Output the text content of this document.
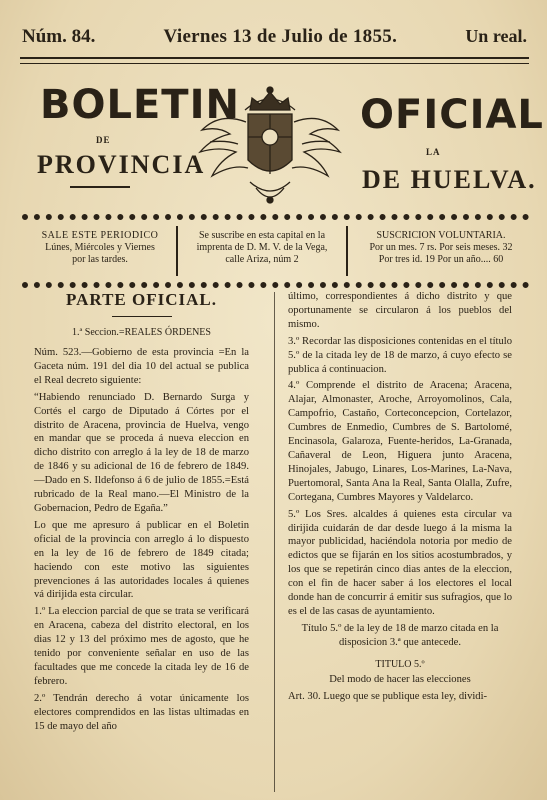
Núm. 84.	Viernes 13 de Julio de 1855.	Un real.
BOLETIN
DE
PROVINCIA
OFICIAL
LA
DE HUELVA.
SALE ESTE PERIODICO
Lúnes, Miércoles y Viernes
por las tardes.
Se suscribe en esta capital en la
imprenta de D. M. V. de la Vega,
calle Ariza, núm 2
SUSCRICION VOLUNTARIA.
Por un mes. 7 rs. Por seis meses. 32
Por tres id. 19 Por un año.... 60
PARTE OFICIAL.
1.ª Seccion.=REALES ÓRDENES

Núm. 523.—Gobierno de esta provincia =En la Gaceta núm. 191 del dia 10 del actual se publica el Real decreto siguiente:

“Habiendo renunciado D. Bernardo Surga y Cortés el cargo de Diputado á Córtes por el distrito de Aracena, provincia de Huelva, vengo en mandar que se proceda á nueva eleccion en dicho distrito con arreglo á la ley de 18 de marzo de 1846 y su adicional de 16 de febrero de 1849.—Dado en S. Ildefonso á 6 de julio de 1855.=Está rubricado de la Real mano.—El Ministro de la Gobernacion, Pedro de Egaña.”

Lo que me apresuro á publicar en el Boletin oficial de la provincia con arreglo á lo dispuesto en la ley de 16 de febrero de 1849 citada; haciendo con este motivo las siguientes prevenciones á las autoridades locales á quienes vá dirijida esta circular.

1.º La eleccion parcial de que se trata se verificará en Aracena, cabeza del distrito electoral, en los dias 12 y 13 del próximo mes de agosto, que he tenido por conveniente señalar en uso de las facultades que me concede la citada ley de 16 de febrero.

2.º Tendrán derecho á votar únicamente los electores comprendidos en las listas ultimadas en 15 de mayo del año

último, correspondientes á dicho distrito y que oportunamente se circularon á los pueblos del mismo.

3.º Recordar las disposiciones contenidas en el título 5.º de la citada ley de 18 de marzo, á cuyo efecto se publica á continuacion.

4.º Comprende el distrito de Aracena; Aracena, Alajar, Almonaster, Aroche, Arroyomolinos, Cala, Campofrio, Castaño, Corteconcepcion, Cortelazor, Cumbres de Enmedio, Cumbres de S. Bartolomé, Encinasola, Galaroza, Fuente-heridos, La-Granada, Cañaveral de Leon, Higuera junto Aracena, Hinojales, Jabugo, Linares, Los-Marines, La-Nava, Puertomoral, Santa Ana la Real, Santa Olalla, Zufre, Cortegana, Cumbres Mayores y Valdelarco.

5.º Los Sres. alcaldes á quienes esta circular va dirijida cuidarán de dar desde luego á la misma la mayor publicidad, haciéndola notoria por medio de edictos que se fijarán en los sitios acostumbrados, y los que se repetirán cinco dias antes de la eleccion, con el fin de hacer saber á los electores el local donde han de concurrir á emitir sus sufragios, que lo es el de las casas de ayuntamiento.

Título 5.º de la ley de 18 de marzo citada en la disposicion 3.ª que antecede.

TITULO 5.º
Del modo de hacer las elecciones
Art. 30. Luego que se publique esta ley, dividi-
